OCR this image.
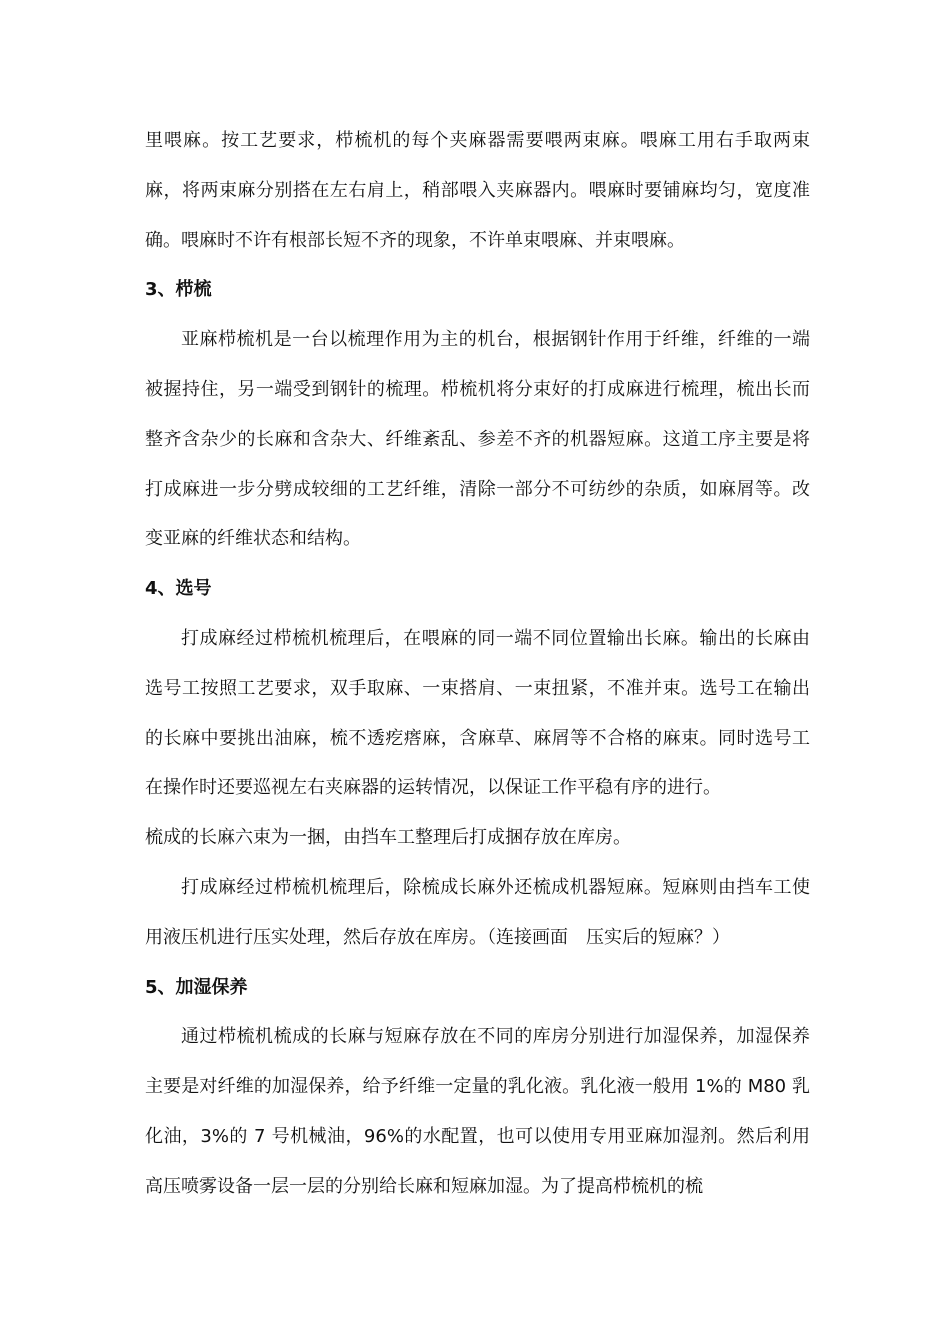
里喂麻。按工艺要求，栉梳机的每个夹麻器需要喂两束麻。喂麻工用右手取两束麻，将两束麻分别搭在左右肩上，稍部喂入夹麻器内。喂麻时要铺麻均匀，宽度准确。喂麻时不许有根部长短不齐的现象，不许单束喂麻、并束喂麻。

3、栉梳

亚麻栉梳机是一台以梳理作用为主的机台，根据钢针作用于纤维，纤维的一端被握持住，另一端受到钢针的梳理。栉梳机将分束好的打成麻进行梳理，梳出长而整齐含杂少的长麻和含杂大、纤维紊乱、参差不齐的机器短麻。这道工序主要是将打成麻进一步分劈成较细的工艺纤维，清除一部分不可纺纱的杂质，如麻屑等。改变亚麻的纤维状态和结构。

4、选号

打成麻经过栉梳机梳理后，在喂麻的同一端不同位置输出长麻。输出的长麻由选号工按照工艺要求，双手取麻、一束搭肩、一束扭紧，不准并束。选号工在输出的长麻中要挑出油麻，梳不透疙瘩麻，含麻草、麻屑等不合格的麻束。同时选号工在操作时还要巡视左右夹麻器的运转情况，以保证工作平稳有序的进行。

梳成的长麻六束为一捆，由挡车工整理后打成捆存放在库房。

打成麻经过栉梳机梳理后，除梳成长麻外还梳成机器短麻。短麻则由挡车工使用液压机进行压实处理，然后存放在库房。（连接画面　压实后的短麻？）

5、加湿保养

通过栉梳机梳成的长麻与短麻存放在不同的库房分别进行加湿保养，加湿保养主要是对纤维的加湿保养，给予纤维一定量的乳化液。乳化液一般用 1%的 M80 乳化油，3%的 7 号机械油，96%的水配置，也可以使用专用亚麻加湿剂。然后利用高压喷雾设备一层一层的分别给长麻和短麻加湿。为了提高栉梳机的梳
